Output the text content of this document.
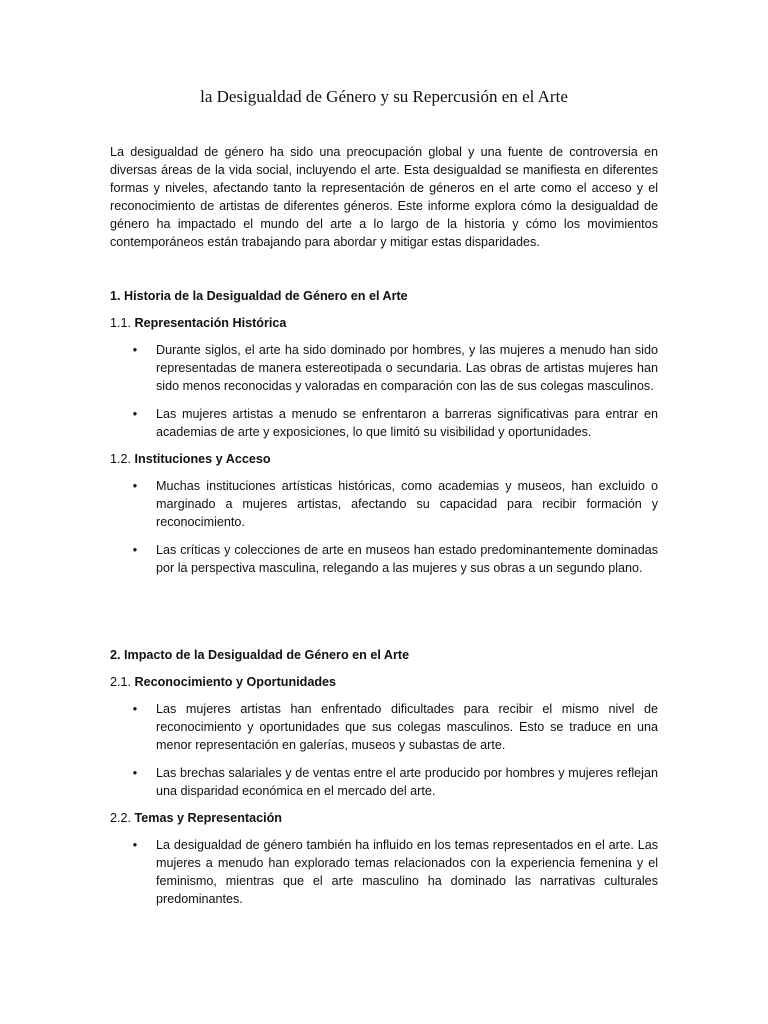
la Desigualdad de Género y su Repercusión en el Arte

La desigualdad de género ha sido una preocupación global y una fuente de controversia en diversas áreas de la vida social, incluyendo el arte. Esta desigualdad se manifiesta en diferentes formas y niveles, afectando tanto la representación de géneros en el arte como el acceso y el reconocimiento de artistas de diferentes géneros. Este informe explora cómo la desigualdad de género ha impactado el mundo del arte a lo largo de la historia y cómo los movimientos contemporáneos están trabajando para abordar y mitigar estas disparidades.

1. Historia de la Desigualdad de Género en el Arte
1.1. Representación Histórica
• Durante siglos, el arte ha sido dominado por hombres, y las mujeres a menudo han sido representadas de manera estereotipada o secundaria. Las obras de artistas mujeres han sido menos reconocidas y valoradas en comparación con las de sus colegas masculinos.
• Las mujeres artistas a menudo se enfrentaron a barreras significativas para entrar en academias de arte y exposiciones, lo que limitó su visibilidad y oportunidades.
1.2. Instituciones y Acceso
• Muchas instituciones artísticas históricas, como academias y museos, han excluido o marginado a mujeres artistas, afectando su capacidad para recibir formación y reconocimiento.
• Las críticas y colecciones de arte en museos han estado predominantemente dominadas por la perspectiva masculina, relegando a las mujeres y sus obras a un segundo plano.
2. Impacto de la Desigualdad de Género en el Arte
2.1. Reconocimiento y Oportunidades
• Las mujeres artistas han enfrentado dificultades para recibir el mismo nivel de reconocimiento y oportunidades que sus colegas masculinos. Esto se traduce en una menor representación en galerías, museos y subastas de arte.
• Las brechas salariales y de ventas entre el arte producido por hombres y mujeres reflejan una disparidad económica en el mercado del arte.
2.2. Temas y Representación
• La desigualdad de género también ha influido en los temas representados en el arte. Las mujeres a menudo han explorado temas relacionados con la experiencia femenina y el feminismo, mientras que el arte masculino ha dominado las narrativas culturales predominantes.
